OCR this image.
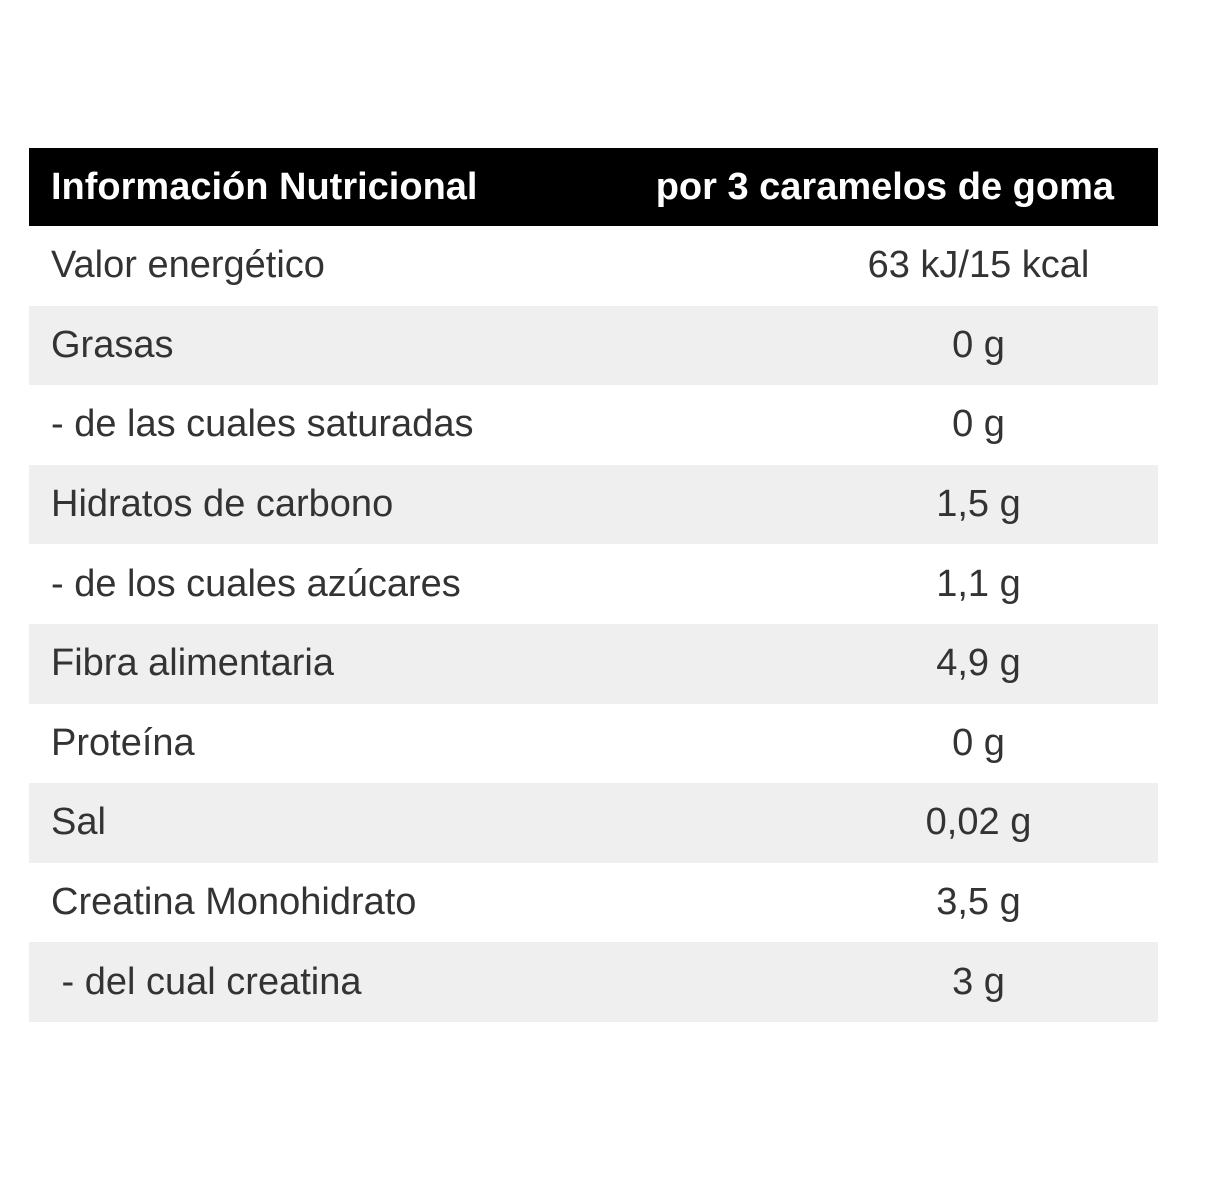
Información Nutricional	por 3 caramelos de goma
Valor energético	63 kJ/15 kcal
Grasas	0 g
- de las cuales saturadas	0 g
Hidratos de carbono	1,5 g
- de los cuales azúcares	1,1 g
Fibra alimentaria	4,9 g
Proteína	0 g
Sal	0,02 g
Creatina Monohidrato	3,5 g
- del cual creatina	3 g
